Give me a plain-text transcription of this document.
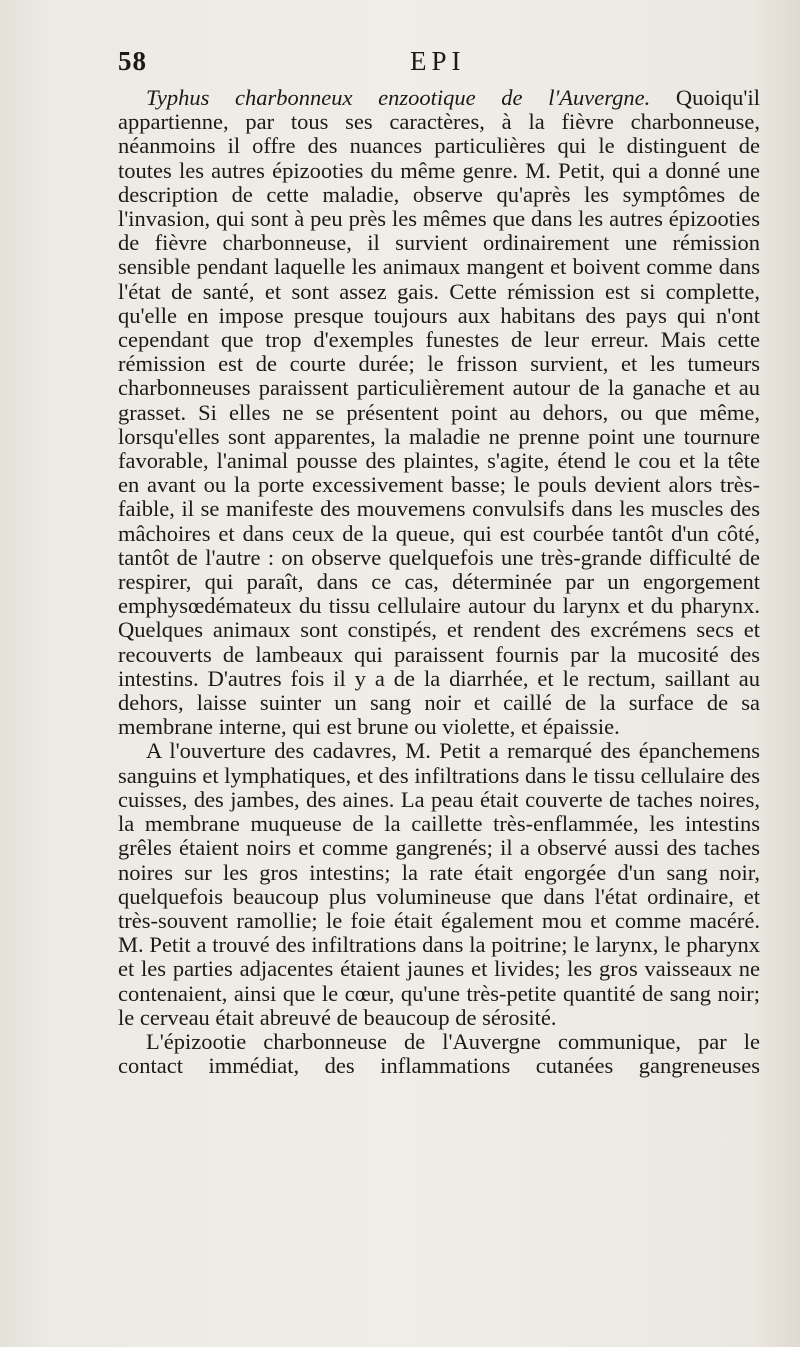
58	EPI

Typhus charbonneux enzootique de l'Auvergne. Quoiqu'il appartienne, par tous ses caractères, à la fièvre charbonneuse, néanmoins il offre des nuances particulières qui le distinguent de toutes les autres épizooties du même genre. M. Petit, qui a donné une description de cette maladie, observe qu'après les symptômes de l'invasion, qui sont à peu près les mêmes que dans les autres épizooties de fièvre charbonneuse, il survient ordinairement une rémission sensible pendant laquelle les animaux mangent et boivent comme dans l'état de santé, et sont assez gais. Cette rémission est si complette, qu'elle en impose presque toujours aux habitans des pays qui n'ont cependant que trop d'exemples funestes de leur erreur. Mais cette rémission est de courte durée; le frisson survient, et les tumeurs charbonneuses paraissent particulièrement autour de la ganache et au grasset. Si elles ne se présentent point au dehors, ou que même, lorsqu'elles sont apparentes, la maladie ne prenne point une tournure favorable, l'animal pousse des plaintes, s'agite, étend le cou et la tête en avant ou la porte excessivement basse; le pouls devient alors très-faible, il se manifeste des mouvemens convulsifs dans les muscles des mâchoires et dans ceux de la queue, qui est courbée tantôt d'un côté, tantôt de l'autre : on observe quelquefois une très-grande difficulté de respirer, qui paraît, dans ce cas, déterminée par un engorgement emphysœdémateux du tissu cellulaire autour du larynx et du pharynx. Quelques animaux sont constipés, et rendent des excrémens secs et recouverts de lambeaux qui paraissent fournis par la mucosité des intestins. D'autres fois il y a de la diarrhée, et le rectum, saillant au dehors, laisse suinter un sang noir et caillé de la surface de sa membrane interne, qui est brune ou violette, et épaissie.

A l'ouverture des cadavres, M. Petit a remarqué des épanchemens sanguins et lymphatiques, et des infiltrations dans le tissu cellulaire des cuisses, des jambes, des aines. La peau était couverte de taches noires, la membrane muqueuse de la caillette très-enflammée, les intestins grêles étaient noirs et comme gangrenés; il a observé aussi des taches noires sur les gros intestins; la rate était engorgée d'un sang noir, quelquefois beaucoup plus volumineuse que dans l'état ordinaire, et très-souvent ramollie; le foie était également mou et comme macéré. M. Petit a trouvé des infiltrations dans la poitrine; le larynx, le pharynx et les parties adjacentes étaient jaunes et livides; les gros vaisseaux ne contenaient, ainsi que le cœur, qu'une très-petite quantité de sang noir; le cerveau était abreuvé de beaucoup de sérosité.

L'épizootie charbonneuse de l'Auvergne communique, par le contact immédiat, des inflammations cutanées gangreneuses
